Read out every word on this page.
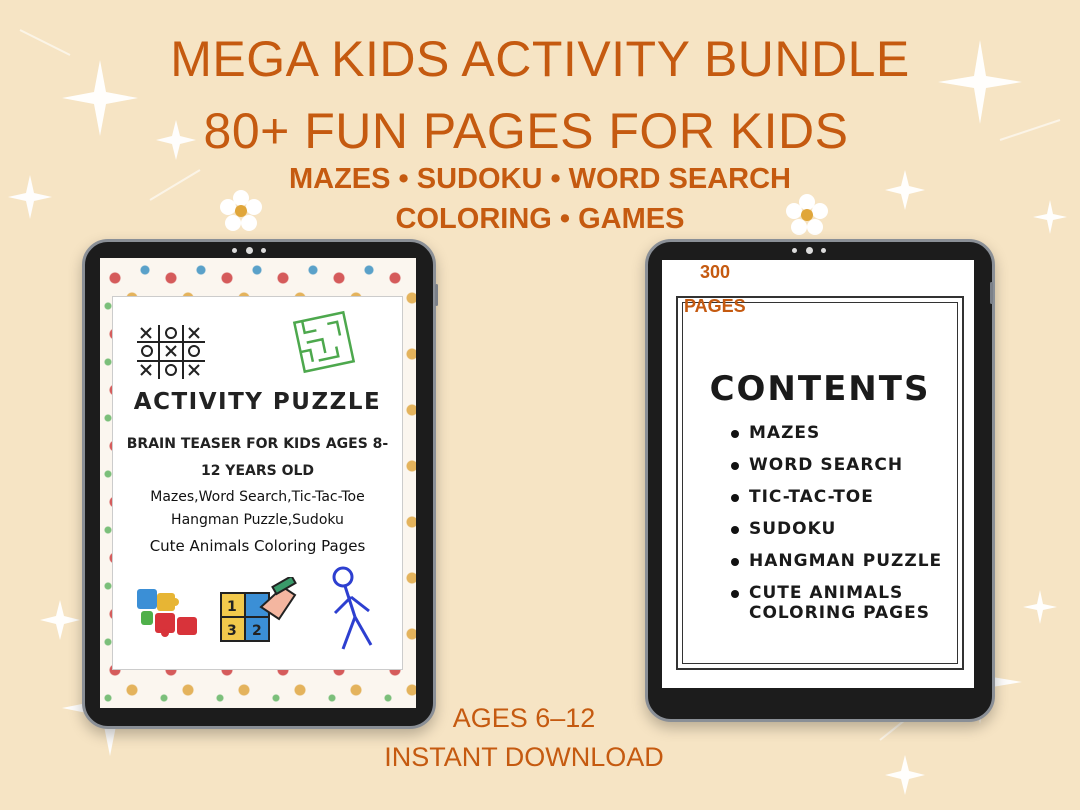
MEGA KIDS ACTIVITY BUNDLE
80+ FUN PAGES FOR KIDS
MAZES • SUDOKU • WORD SEARCH
COLORING • GAMES
ACTIVITY PUZZLE
BRAIN TEASER FOR KIDS AGES 8-12 YEARS OLD
Mazes,Word Search,Tic-Tac-Toe
Hangman Puzzle,Sudoku
Cute Animals Coloring Pages
1
3 2
CONTENTS
MAZES
WORD SEARCH
TIC-TAC-TOE
SUDOKU
HANGMAN PUZZLE
CUTE ANIMALS COLORING PAGES
300
PAGES
AGES 6–12
INSTANT DOWNLOAD
